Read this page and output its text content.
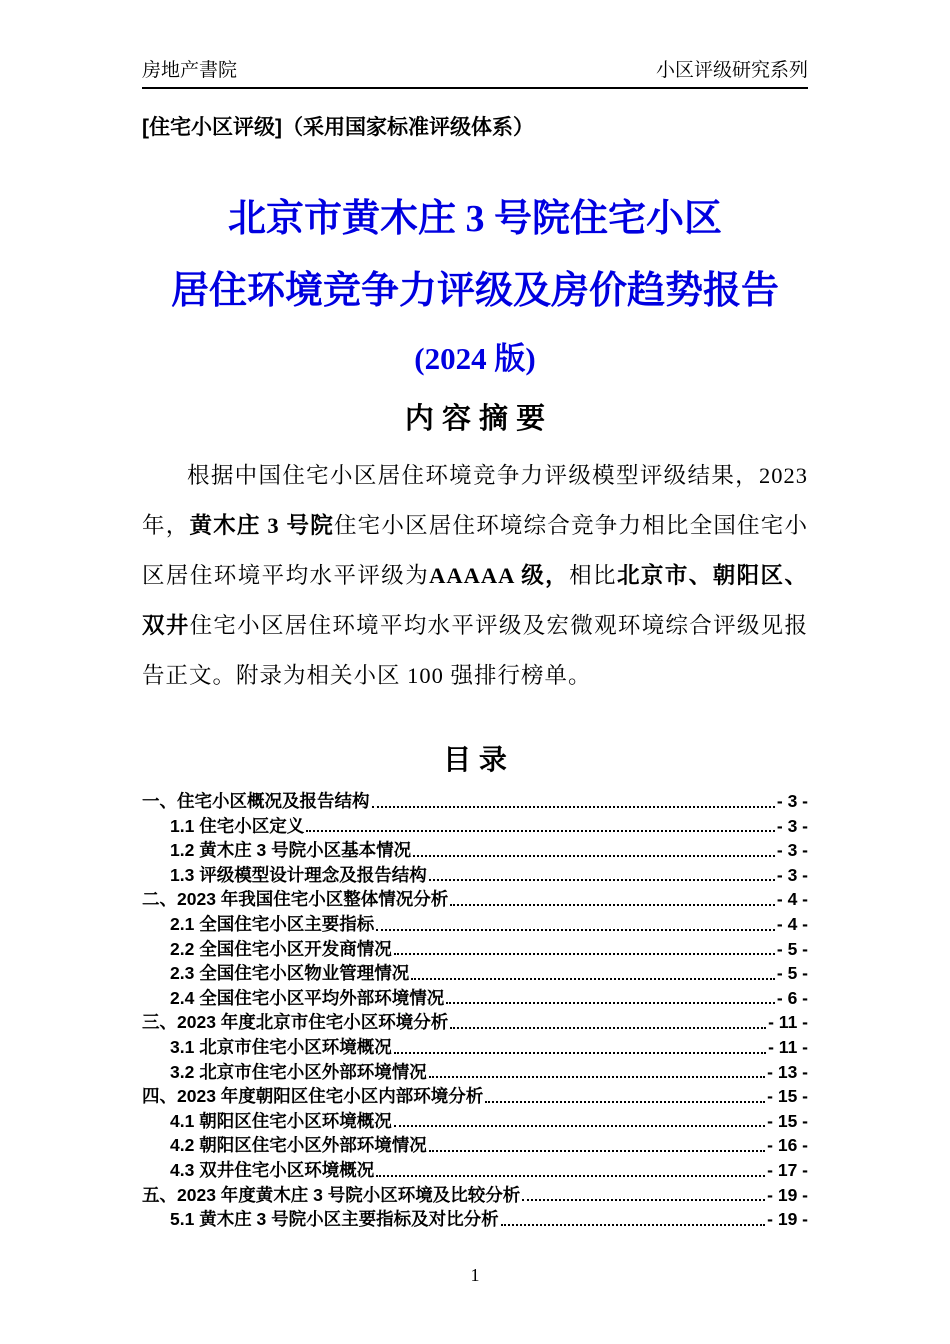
房地产書院	小区评级研究系列
[住宅小区评级]（采用国家标准评级体系）
北京市黄木庄 3 号院住宅小区
居住环境竞争力评级及房价趋势报告
(2024 版)
内 容 摘 要
根据中国住宅小区居住环境竞争力评级模型评级结果，2023 年，黄木庄 3 号院住宅小区居住环境综合竞争力相比全国住宅小区居住环境平均水平评级为AAAAA 级，相比北京市、朝阳区、双井住宅小区居住环境平均水平评级及宏微观环境综合评级见报告正文。附录为相关小区 100 强排行榜单。
目 录
一、住宅小区概况及报告结构	- 3 -
1.1 住宅小区定义	- 3 -
1.2 黄木庄 3 号院小区基本情况	- 3 -
1.3 评级模型设计理念及报告结构	- 3 -
二、2023 年我国住宅小区整体情况分析	- 4 -
2.1 全国住宅小区主要指标	- 4 -
2.2 全国住宅小区开发商情况	- 5 -
2.3 全国住宅小区物业管理情况	- 5 -
2.4 全国住宅小区平均外部环境情况	- 6 -
三、2023 年度北京市住宅小区环境分析	- 11 -
3.1 北京市住宅小区环境概况	- 11 -
3.2 北京市住宅小区外部环境情况	- 13 -
四、2023 年度朝阳区住宅小区内部环境分析	- 15 -
4.1 朝阳区住宅小区环境概况	- 15 -
4.2 朝阳区住宅小区外部环境情况	- 16 -
4.3 双井住宅小区环境概况	- 17 -
五、2023 年度黄木庄 3 号院小区环境及比较分析	- 19 -
5.1 黄木庄 3 号院小区主要指标及对比分析	- 19 -
1
